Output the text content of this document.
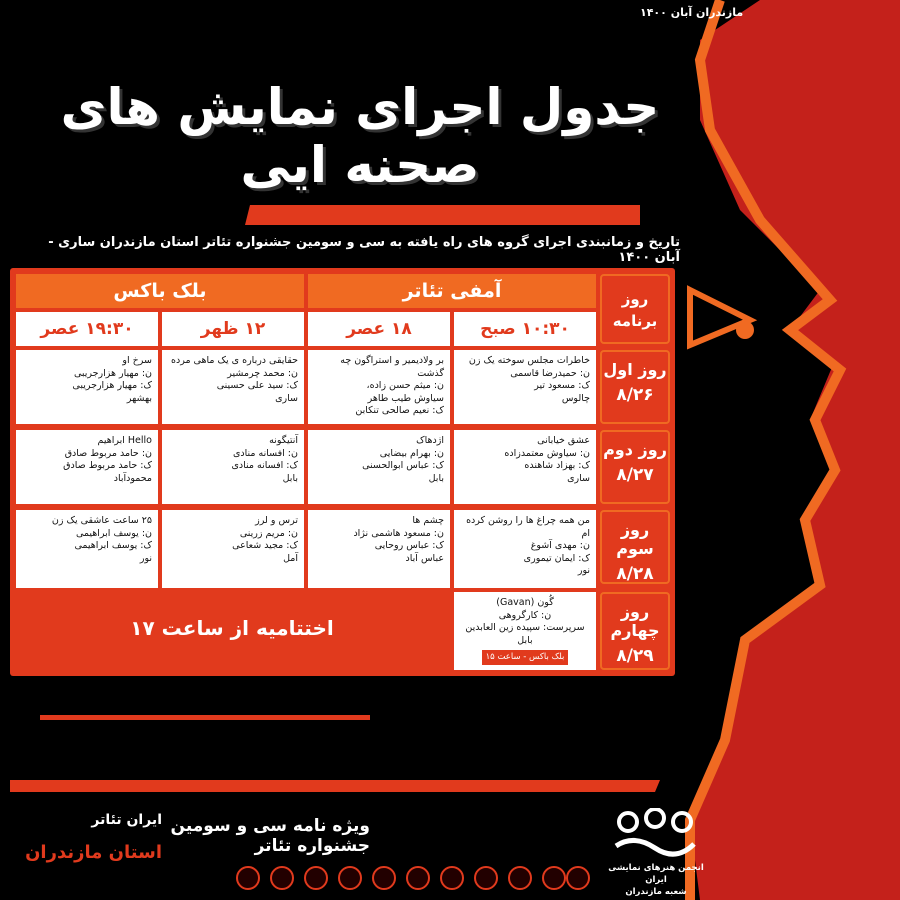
مازندران آبان ۱۴۰۰
جدول اجرای نمایش های صحنه ایی
تاریخ و زمانبندی اجرای گروه های راه یافته به سی و سومین جشنواره تئاتر استان مازندران ساری - آبان ۱۴۰۰
روز برنامه
آمفی تئاتر
بلک باکس
۱۰:۳۰ صبح
۱۸ عصر
۱۲ ظهر
۱۹:۳۰ عصر
روز اول
۸/۲۶
روز دوم
۸/۲۷
روز سوم
۸/۲۸
روز چهارم
۸/۲۹
خاطرات مجلس سوخته یک زن
ن: حمیدرضا قاسمی
ک: مسعود تیر
چالوس
بر ولادیمیر و استراگون چه گذشت
ن: میثم حسن زاده،
سیاوش طیب طاهر
ک: نعیم صالحی تنکابن
حقایقی درباره ی یک ماهی مرده
ن: محمد چرمشیر
ک: سید علی حسینی
ساری
سرخ او
ن: مهیار هزارجریبی
ک: مهیار هزارجریبی
بهشهر
عشق خیابانی
ن: سیاوش معتمدزاده
ک: بهزاد شاهنده
ساری
اژدهاک
ن: بهرام بیضایی
ک: عباس ابوالحسنی
بابل
آنتیگونه
ن: افسانه منادی
ک: افسانه منادی
بابل
Hello ابراهیم
ن: حامد مربوط صادق
ک: حامد مربوط صادق
محمودآباد
من همه چراغ ها را روشن کرده ام
ن: مهدی آشوغ
ک: ایمان تیموری
نور
چشم ها
ن: مسعود هاشمی نژاد
ک: عباس روحایی
عباس آباد
ترس و لرز
ن: مریم زرینی
ک: مجید شعاعی
آمل
۲۵ ساعت عاشقی یک زن
ن: یوسف ابراهیمی
ک: یوسف ابراهیمی
نور
گُون (Gavan)
ن: کارگروهی
سرپرست: سپیده زین العابدین
بابل
بلک باکس - ساعت ۱۵
اختتامیه از ساعت ۱۷
ویژه نامه سی و سومین جشنواره تئاتر
ایران تئاتر
استان مازندران
انجمن هنرهای نمایشی ایران
شعبه مازندران
